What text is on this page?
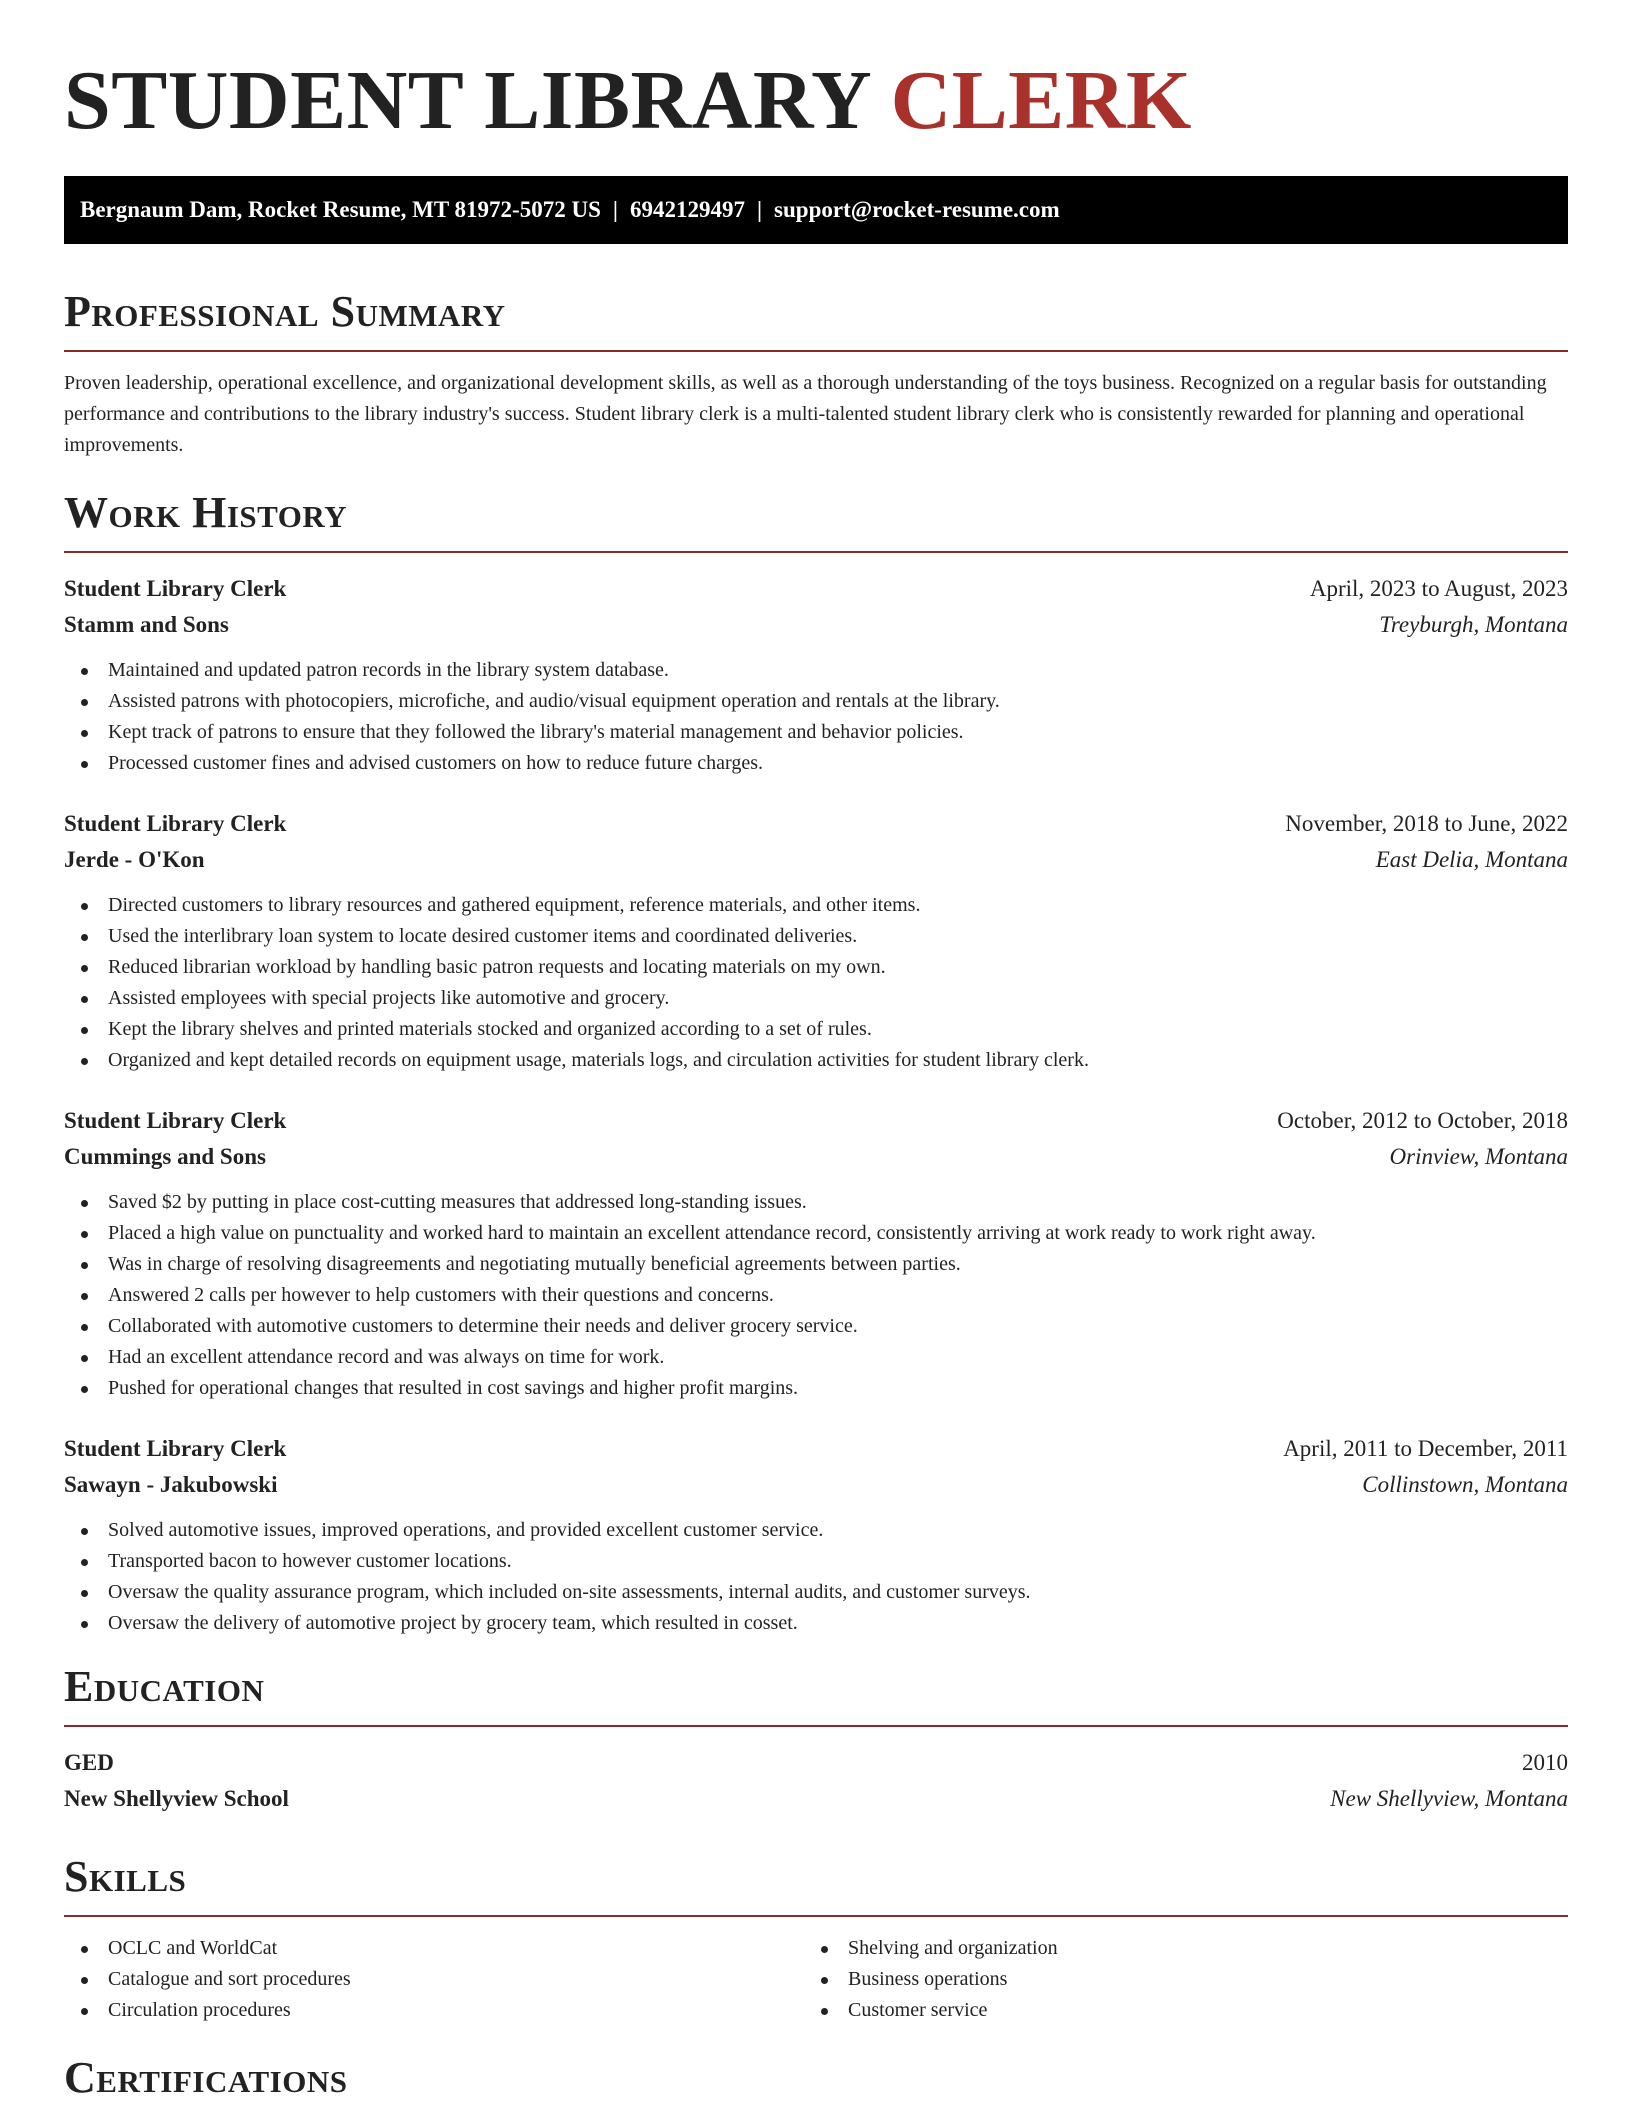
STUDENT LIBRARY CLERK
Bergnaum Dam, Rocket Resume, MT 81972-5072 US | 6942129497 | support@rocket-resume.com
Professional Summary

Proven leadership, operational excellence, and organizational development skills, as well as a thorough understanding of the toys business. Recognized on a regular basis for outstanding performance and contributions to the library industry's success. Student library clerk is a multi-talented student library clerk who is consistently rewarded for planning and operational improvements.

Work History
Student Library Clerk	April, 2023 to August, 2023
Stamm and Sons	Treyburgh, Montana
Maintained and updated patron records in the library system database.
Assisted patrons with photocopiers, microfiche, and audio/visual equipment operation and rentals at the library.
Kept track of patrons to ensure that they followed the library's material management and behavior policies.
Processed customer fines and advised customers on how to reduce future charges.
Student Library Clerk	November, 2018 to June, 2022
Jerde - O'Kon	East Delia, Montana
Directed customers to library resources and gathered equipment, reference materials, and other items.
Used the interlibrary loan system to locate desired customer items and coordinated deliveries.
Reduced librarian workload by handling basic patron requests and locating materials on my own.
Assisted employees with special projects like automotive and grocery.
Kept the library shelves and printed materials stocked and organized according to a set of rules.
Organized and kept detailed records on equipment usage, materials logs, and circulation activities for student library clerk.
Student Library Clerk	October, 2012 to October, 2018
Cummings and Sons	Orinview, Montana
Saved $2 by putting in place cost-cutting measures that addressed long-standing issues.
Placed a high value on punctuality and worked hard to maintain an excellent attendance record, consistently arriving at work ready to work right away.
Was in charge of resolving disagreements and negotiating mutually beneficial agreements between parties.
Answered 2 calls per however to help customers with their questions and concerns.
Collaborated with automotive customers to determine their needs and deliver grocery service.
Had an excellent attendance record and was always on time for work.
Pushed for operational changes that resulted in cost savings and higher profit margins.
Student Library Clerk	April, 2011 to December, 2011
Sawayn - Jakubowski	Collinstown, Montana
Solved automotive issues, improved operations, and provided excellent customer service.
Transported bacon to however customer locations.
Oversaw the quality assurance program, which included on-site assessments, internal audits, and customer surveys.
Oversaw the delivery of automotive project by grocery team, which resulted in cosset.
Education
GED	2010
New Shellyview School	New Shellyview, Montana
Skills
OCLC and WorldCat
Catalogue and sort procedures
Circulation procedures
Shelving and organization
Business operations
Customer service
Certifications
